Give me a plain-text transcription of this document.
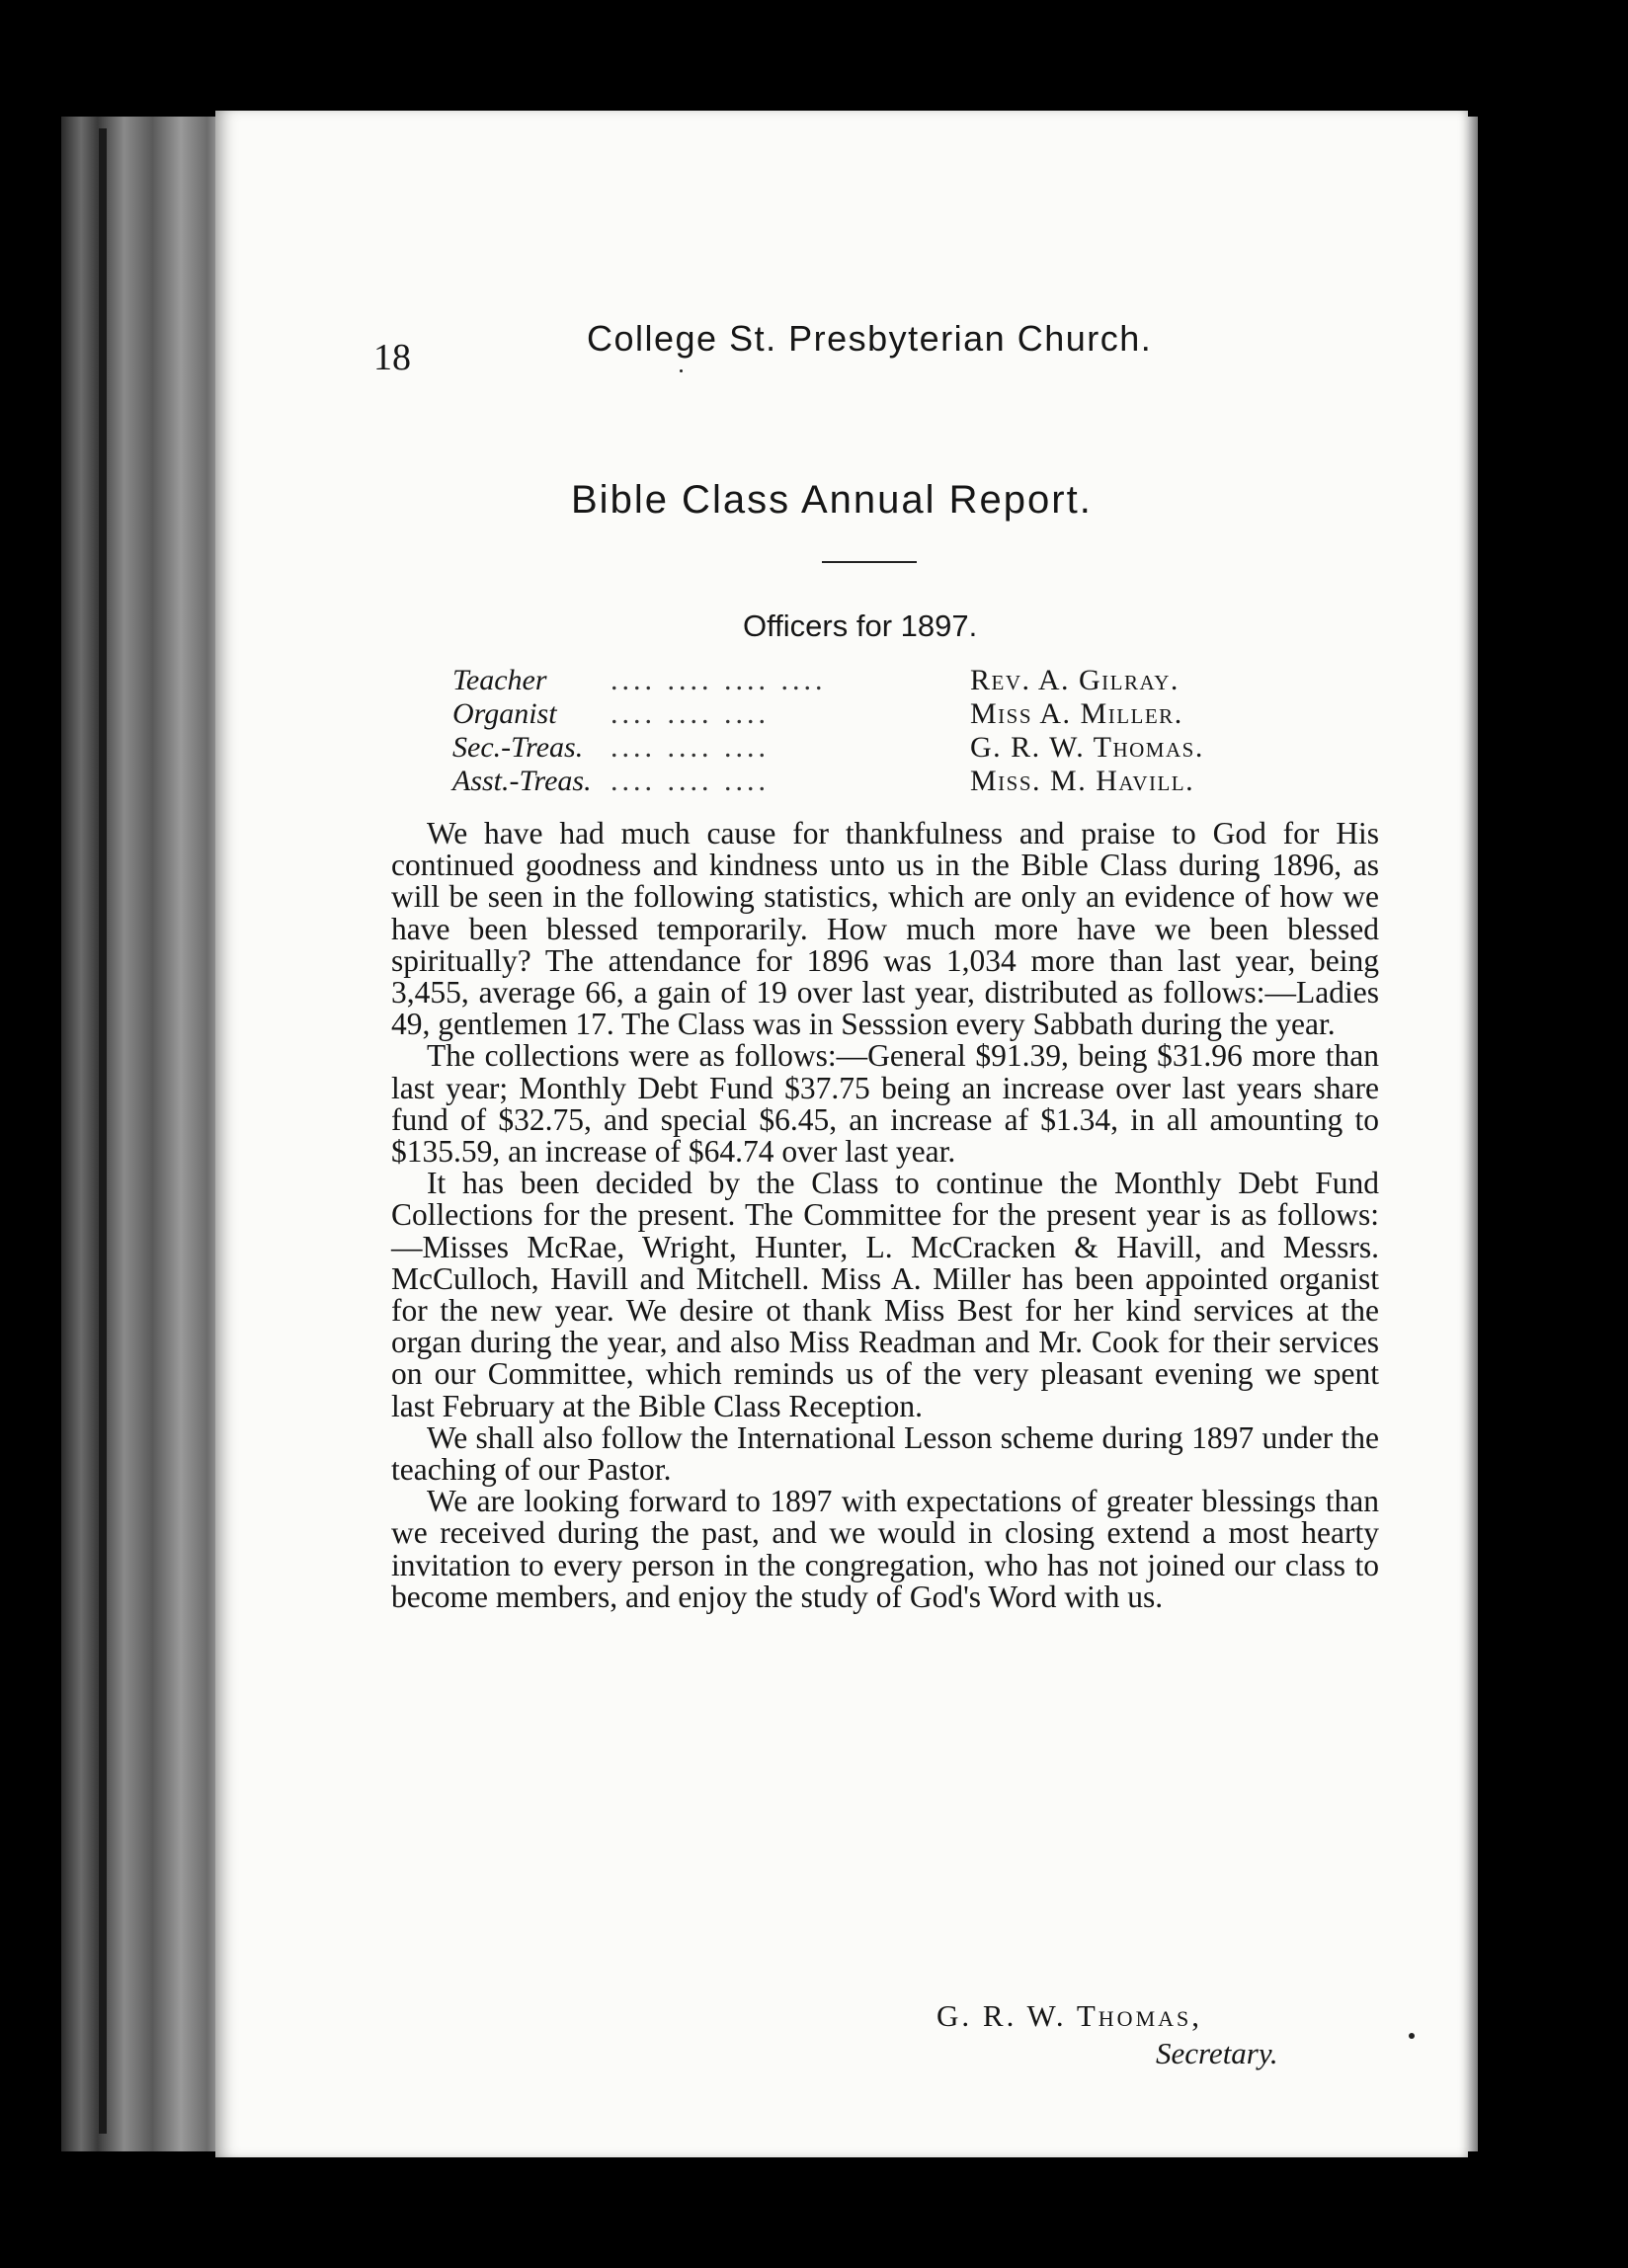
18	College St. Presbyterian Church.
Bible Class Annual Report.
Officers for 1897.
Teacher	.... .... .... ....	Rev. A. Gilray.
Organist	.... .... ....	Miss A. Miller.
Sec.-Treas. .... .... ....	G. R. W. Thomas.
Asst.-Treas. .... .... ....	Miss. M. Havill.

We have had much cause for thankfulness and praise to God for His continued goodness and kindness unto us in the Bible Class during 1896, as will be seen in the following statistics, which are only an evidence of how we have been blessed temporarily. How much more have we been blessed spiritually? The attendance for 1896 was 1,034 more than last year, being 3,455, average 66, a gain of 19 over last year, distributed as follows:—Ladies 49, gentlemen 17. The Class was in Sesssion every Sabbath during the year.

The collections were as follows:—General $91.39, being $31.96 more than last year; Monthly Debt Fund $37.75 being an increase over last years share fund of $32.75, and special $6.45, an increase af $1.34, in all amounting to $135.59, an increase of $64.74 over last year.

It has been decided by the Class to continue the Monthly Debt Fund Collections for the present. The Committee for the present year is as follows:—Misses McRae, Wright, Hunter, L. McCracken & Havill, and Messrs. McCulloch, Havill and Mitchell. Miss A. Miller has been appointed organist for the new year. We desire ot thank Miss Best for her kind services at the organ during the year, and also Miss Readman and Mr. Cook for their services on our Committee, which reminds us of the very pleasant evening we spent last February at the Bible Class Reception.

We shall also follow the International Lesson scheme during 1897 under the teaching of our Pastor.

We are looking forward to 1897 with expectations of greater blessings than we received during the past, and we would in closing extend a most hearty invitation to every person in the congregation, who has not joined our class to become members, and enjoy the study of God's Word with us.

G. R. W. Thomas,
Secretary.
